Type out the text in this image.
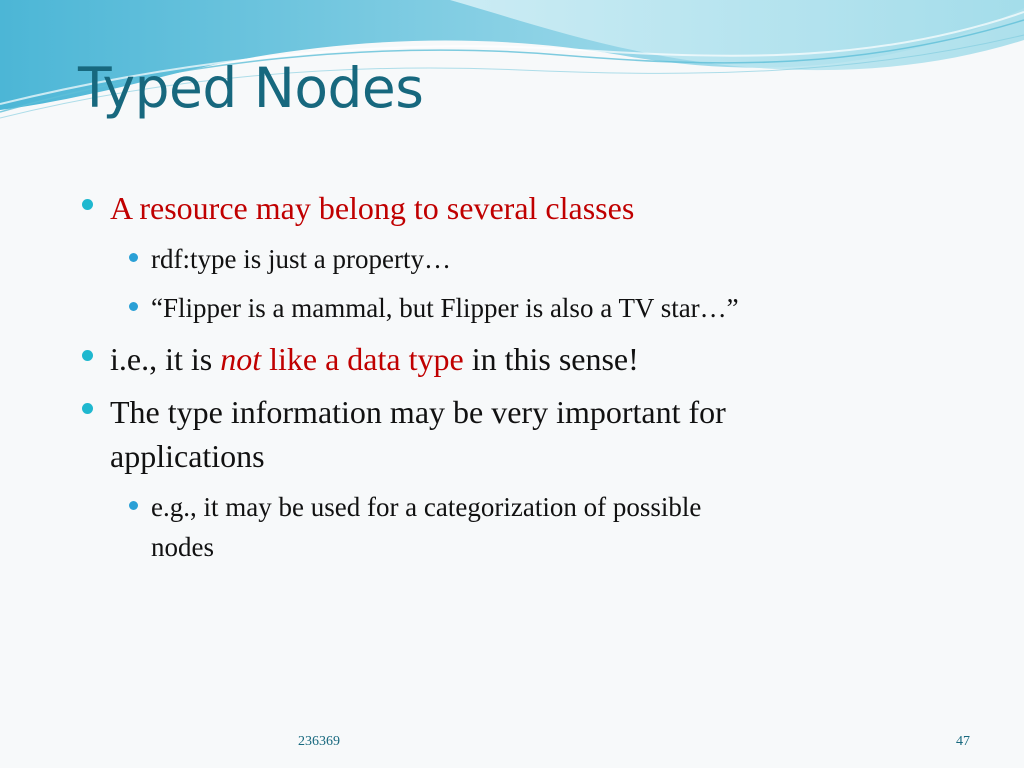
Typed Nodes
A resource may belong to several classes
rdf:type is just a property…
“Flipper is a mammal, but Flipper is also a TV star…”
i.e., it is not like a data type in this sense!
The type information may be very important for
applications
e.g., it may be used for a categorization of possible
nodes
236369	47
